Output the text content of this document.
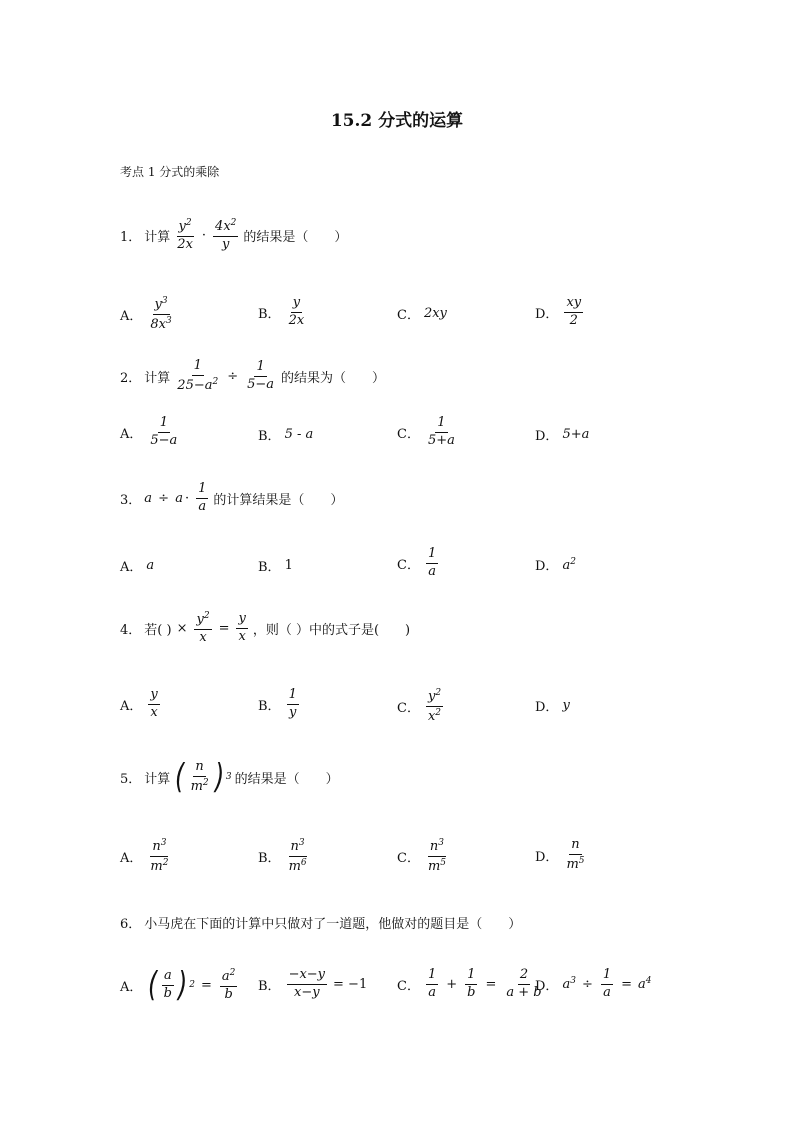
15.2 分式的运算
考点 1 分式的乘除
1． 计算 $\frac{y^2}{2x} \cdot \frac{4x^2}{y}$ 的结果是（　　）
A． $\frac{y^3}{8x^3}$	B． $\frac{y}{2x}$	C． 2xy	D． $\frac{xy}{2}$
2． 计算 $\frac{1}{25-a^2} \div \frac{1}{5-a}$ 的结果为（　　）
A． $\frac{1}{5-a}$	B． 5 - a	C． $\frac{1}{5+a}$	D． 5+a
3． $a \div a \cdot \frac{1}{a}$ 的计算结果是（　　）
A． a	B． 1	C． $\frac{1}{a}$	D． $a^2$
4． 若( ) × $\frac{y^2}{x} = \frac{y}{x}$ ，则（ ）中的式子是(　　)
A． $\frac{y}{x}$	B． $\frac{1}{y}$	C． $\frac{y^2}{x^2}$	D． y
5． 计算 ( $\frac{n}{m^2}$ ) 3 的结果是（　　）
A． $\frac{n^3}{m^2}$	B． $\frac{n^3}{m^6}$	C． $\frac{n^3}{m^5}$	D． $\frac{n}{m^5}$
6． 小马虎在下面的计算中只做对了一道题，他做对的题目是（　　）
A． ( $\frac{a}{b}$ ) $2 = \frac{a^2}{b}$ B． $\frac{-x-y}{x-y} = -1$ C． $\frac{1}{a} + \frac{1}{b} = \frac{2}{a + b}$
D． $a^3 \div \frac{1}{a} = a^4$
